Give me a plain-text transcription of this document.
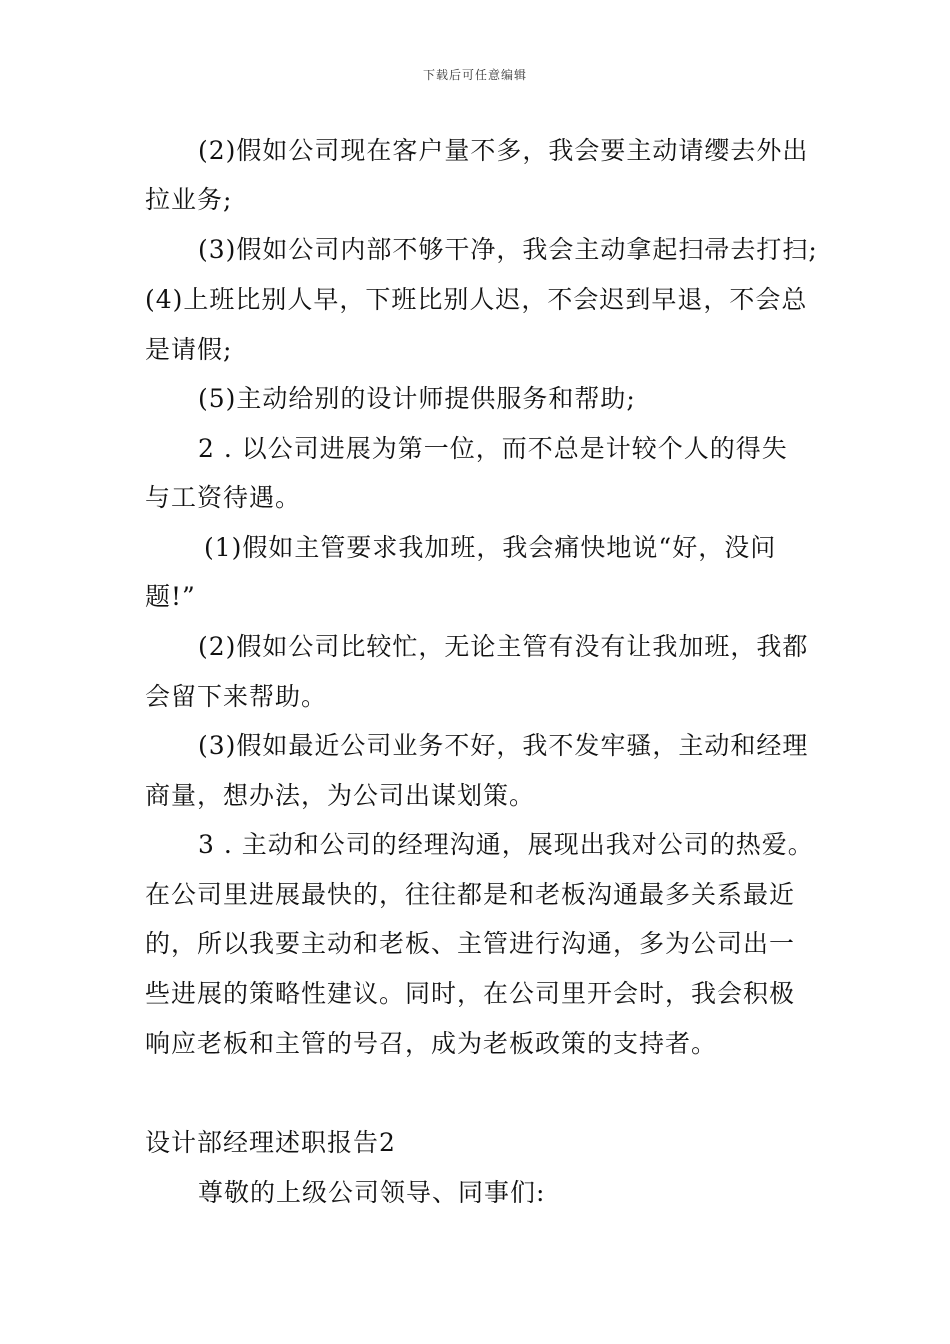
下载后可任意编辑
(2)假如公司现在客户量不多，我会要主动请缨去外出
拉业务;
(3)假如公司内部不够干净，我会主动拿起扫帚去打扫;
(4)上班比别人早，下班比别人迟，不会迟到早退，不会总
是请假;
(5)主动给别的设计师提供服务和帮助;
2 . 以公司进展为第一位，而不总是计较个人的得失
与工资待遇。
(1)假如主管要求我加班，我会痛快地说“好，没问
题!”
(2)假如公司比较忙，无论主管有没有让我加班，我都
会留下来帮助。
(3)假如最近公司业务不好，我不发牢骚，主动和经理
商量，想办法，为公司出谋划策。
3 . 主动和公司的经理沟通，展现出我对公司的热爱。
在公司里进展最快的，往往都是和老板沟通最多关系最近
的，所以我要主动和老板、主管进行沟通，多为公司出一
些进展的策略性建议。同时，在公司里开会时，我会积极
响应老板和主管的号召，成为老板政策的支持者。
设计部经理述职报告2
尊敬的上级公司领导、同事们:
